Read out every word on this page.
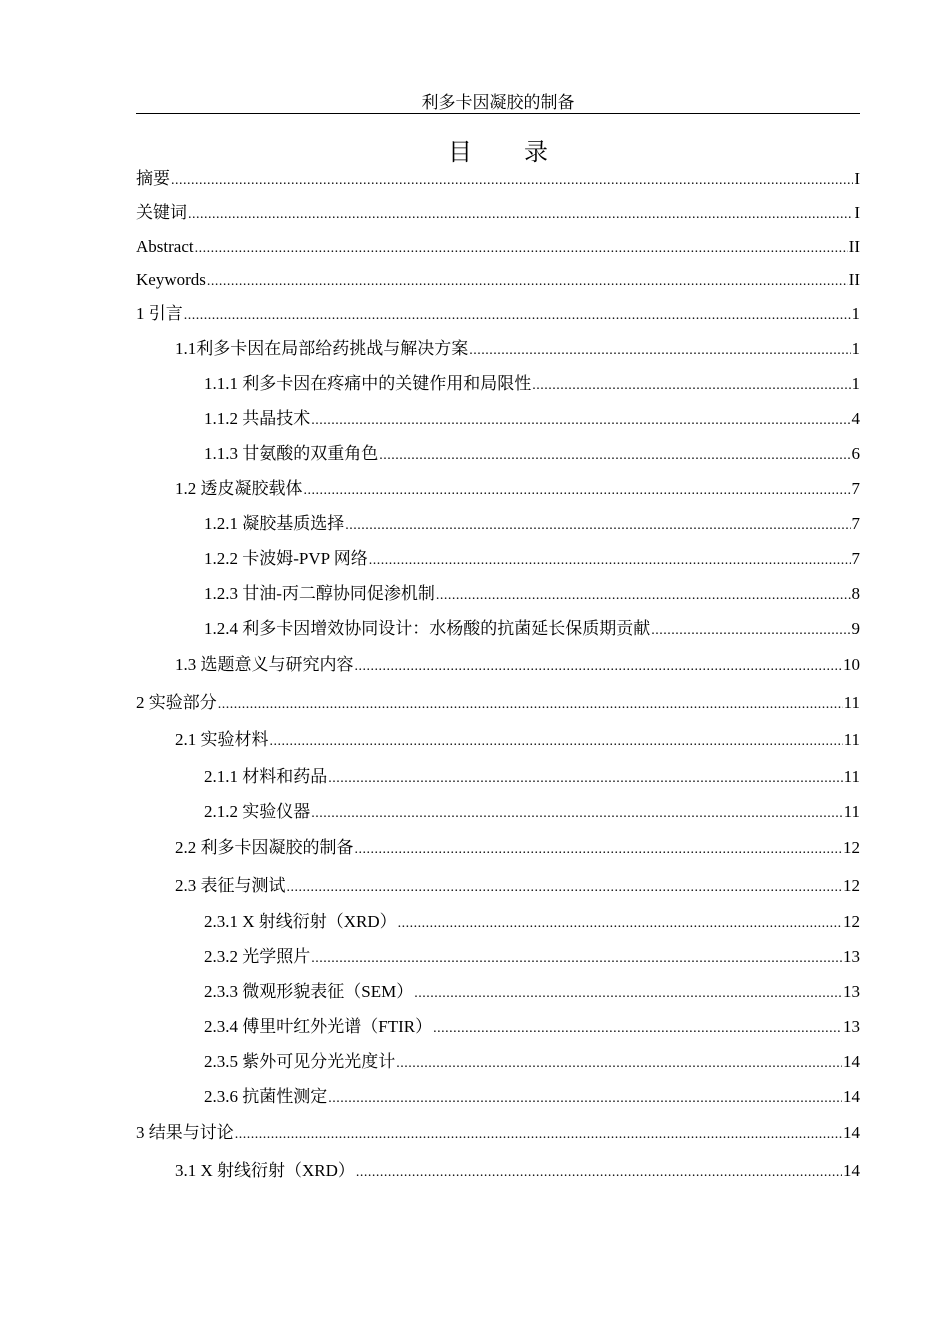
利多卡因凝胶的制备
目 录
摘要 .....	I
关键词 .....	I
Abstract .....	II
Keywords .....	II
1 引言 .....	1
1.1利多卡因在局部给药挑战与解决方案 .....	1
1.1.1 利多卡因在疼痛中的关键作用和局限性 .....	1
1.1.2 共晶技术 .....	4
1.1.3 甘氨酸的双重角色 .....	6
1.2 透皮凝胶载体 .....	7
1.2.1 凝胶基质选择 .....	7
1.2.2 卡波姆-PVP 网络 .....	7
1.2.3 甘油-丙二醇协同促渗机制 .....	8
1.2.4 利多卡因增效协同设计：水杨酸的抗菌延长保质期贡献 .....	9
1.3 选题意义与研究内容 .....	10
2 实验部分 .....	11
2.1 实验材料 .....	11
2.1.1 材料和药品 .....	11
2.1.2 实验仪器 .....	11
2.2 利多卡因凝胶的制备 .....	12
2.3 表征与测试 .....	12
2.3.1 X 射线衍射（XRD） .....	12
2.3.2 光学照片 .....	13
2.3.3 微观形貌表征（SEM） .....	13
2.3.4 傅里叶红外光谱（FTIR） .....	13
2.3.5 紫外可见分光光度计 .....	14
2.3.6 抗菌性测定 .....	14
3 结果与讨论 .....	14
3.1 X 射线衍射（XRD） .....	14
